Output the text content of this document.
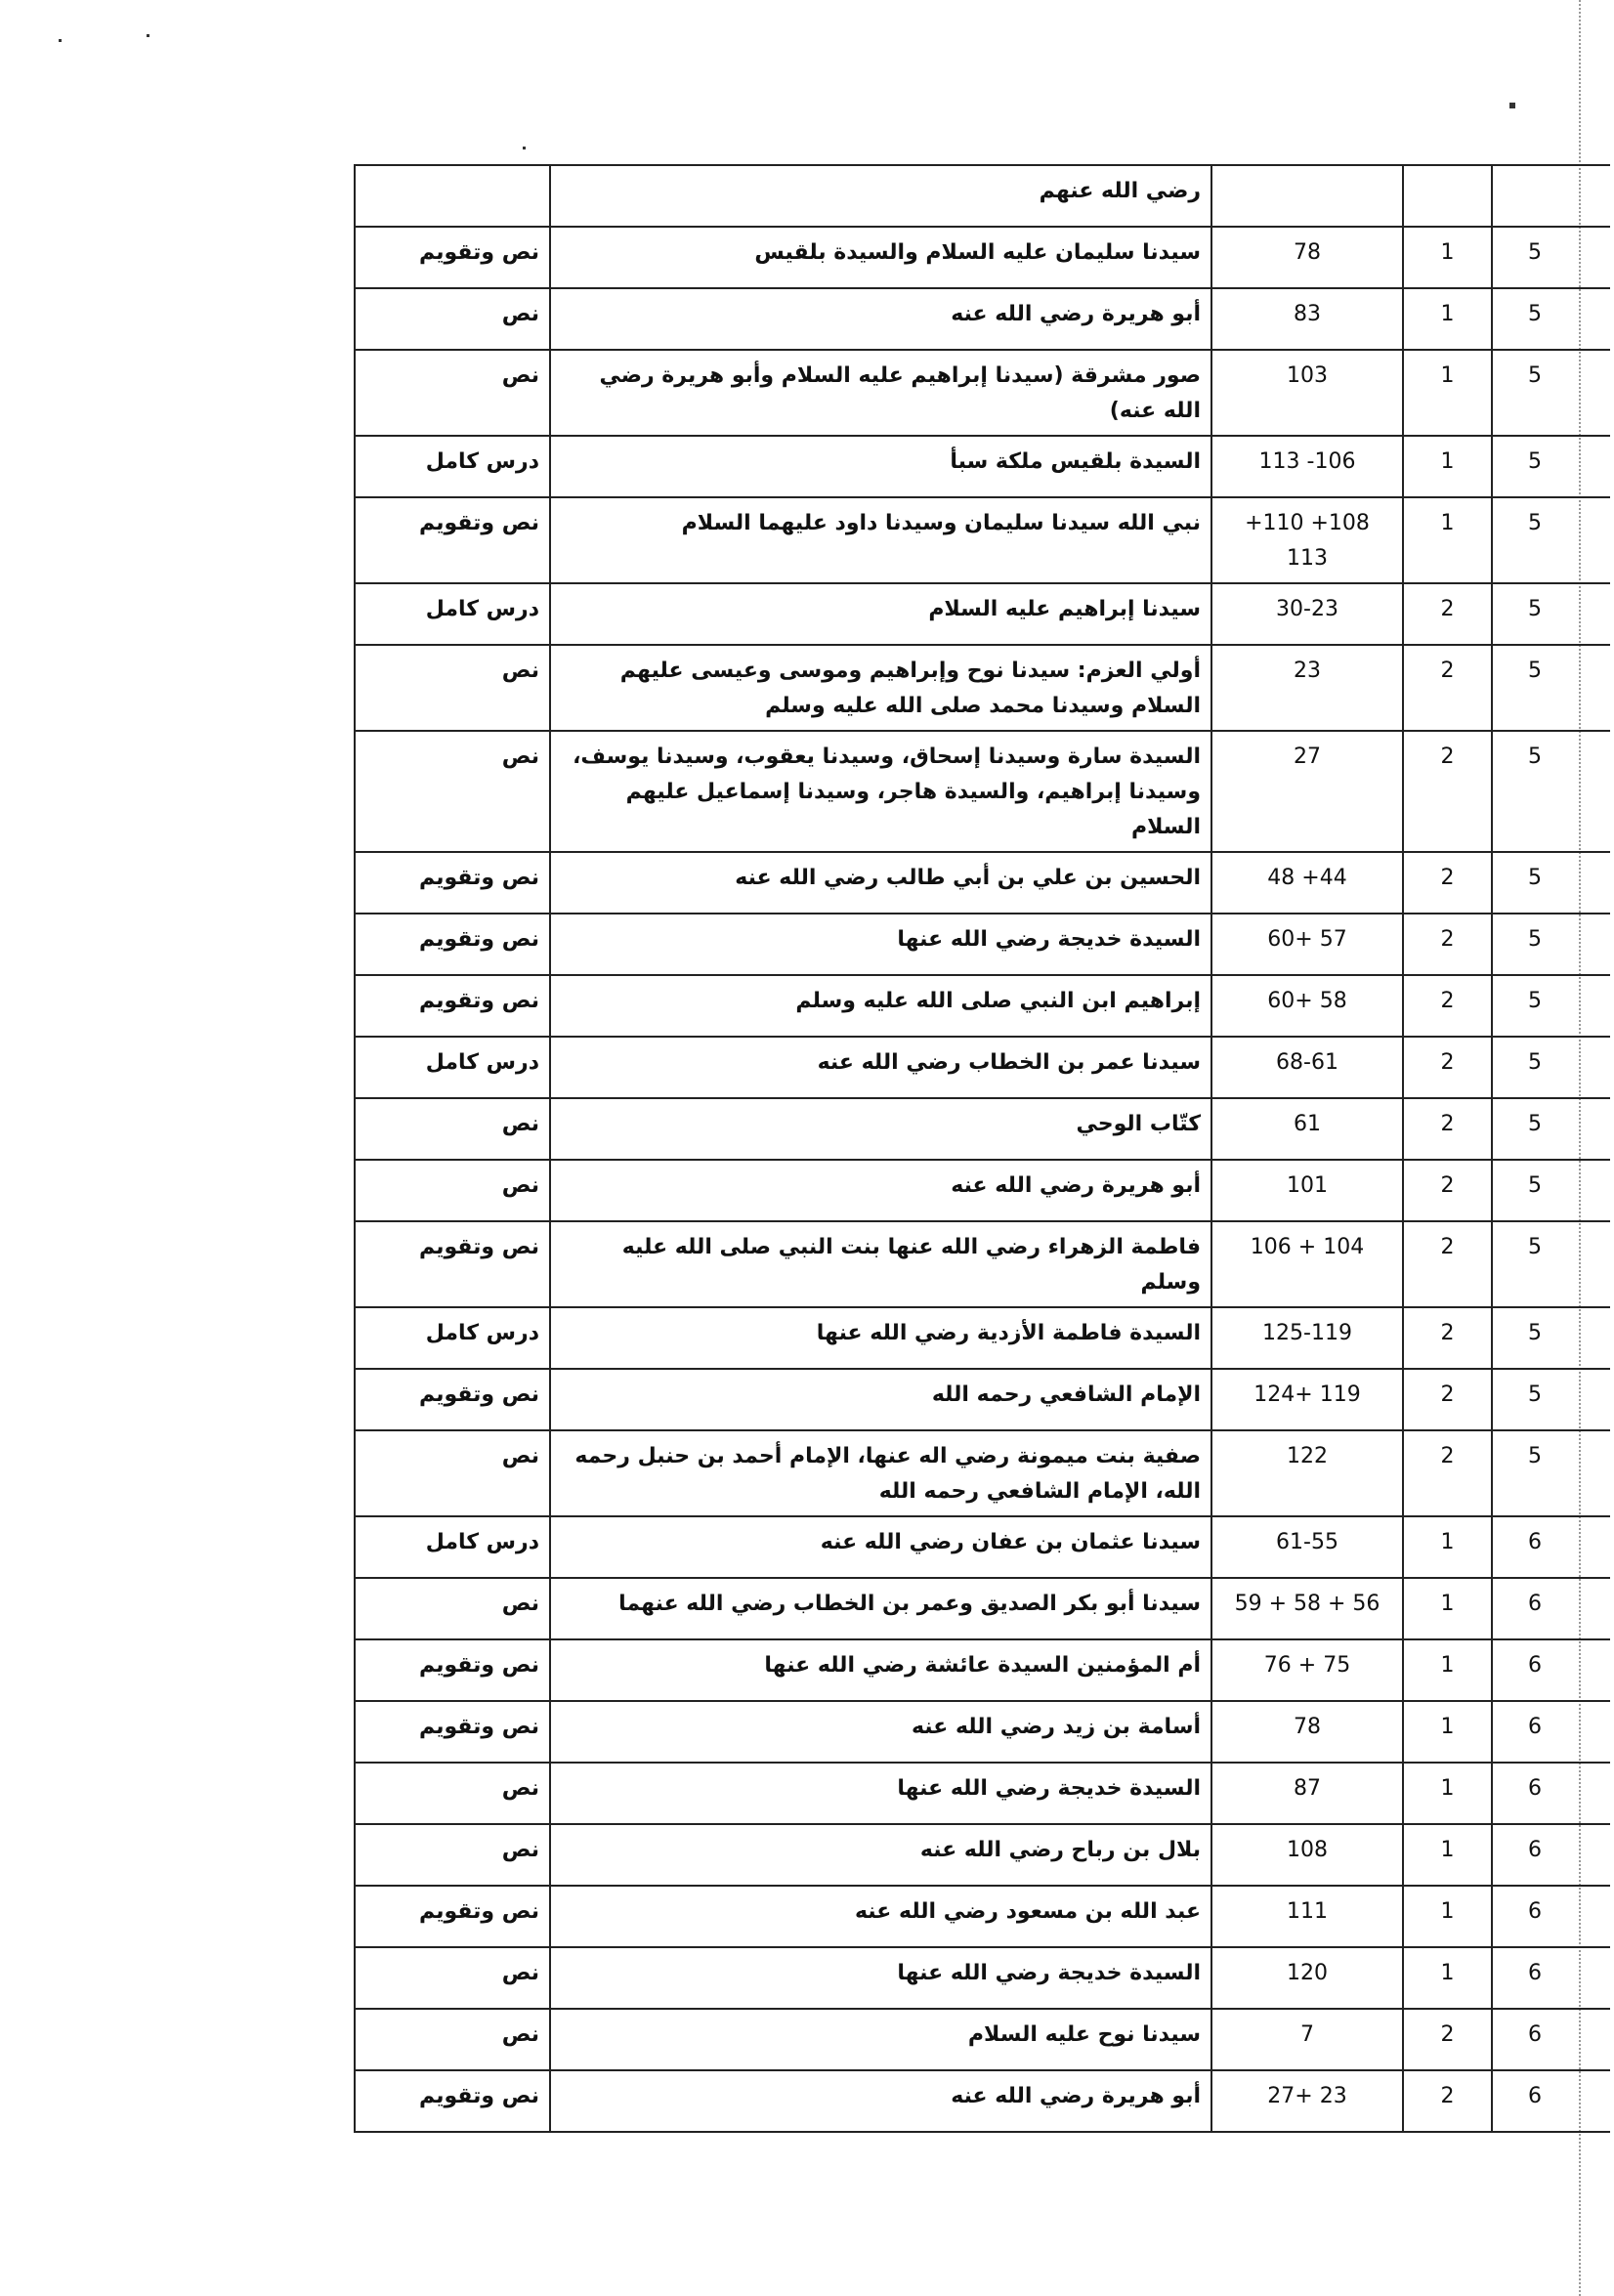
	رضي الله عنهم			
نص وتقويم	سيدنا سليمان عليه السلام والسيدة بلقيس	78	1	5
نص	أبو هريرة رضي الله عنه	83	1	5
نص	صور مشرقة (سيدنا إبراهيم عليه السلام وأبو هريرة رضي الله عنه)	103	1	5
درس كامل	السيدة بلقيس ملكة سبأ	113 -106	1	5
نص وتقويم	نبي الله سيدنا سليمان وسيدنا داود عليهما السلام	+110 +108 113	1	5
درس كامل	سيدنا إبراهيم عليه السلام	30-23	2	5
نص	أولي العزم: سيدنا نوح وإبراهيم وموسى وعيسى عليهم السلام وسيدنا محمد صلى الله عليه وسلم	23	2	5
نص	السيدة سارة وسيدنا إسحاق، وسيدنا يعقوب، وسيدنا يوسف، وسيدنا إبراهيم، والسيدة هاجر، وسيدنا إسماعيل عليهم السلام	27	2	5
نص وتقويم	الحسين بن علي بن أبي طالب رضي الله عنه	48 +44	2	5
نص وتقويم	السيدة خديجة رضي الله عنها	60+ 57	2	5
نص وتقويم	إبراهيم ابن النبي صلى الله عليه وسلم	60+ 58	2	5
درس كامل	سيدنا عمر بن الخطاب رضي الله عنه	68-61	2	5
نص	كتّاب الوحي	61	2	5
نص	أبو هريرة رضي الله عنه	101	2	5
نص وتقويم	فاطمة الزهراء رضي الله عنها بنت النبي صلى الله عليه وسلم	106 + 104	2	5
درس كامل	السيدة فاطمة الأزدية رضي الله عنها	125-119	2	5
نص وتقويم	الإمام الشافعي رحمه الله	124+ 119	2	5
نص	صفية بنت ميمونة رضي اله عنها، الإمام أحمد بن حنبل رحمه الله، الإمام الشافعي رحمه الله	122	2	5
درس كامل	سيدنا عثمان بن عفان رضي الله عنه	61-55	1	6
نص	سيدنا أبو بكر الصديق وعمر بن الخطاب رضي الله عنهما	59 + 58 + 56	1	6
نص وتقويم	أم المؤمنين السيدة عائشة رضي الله عنها	76 + 75	1	6
نص وتقويم	أسامة بن زيد رضي الله عنه	78	1	6
نص	السيدة خديجة رضي الله عنها	87	1	6
نص	بلال بن رباح رضي الله عنه	108	1	6
نص وتقويم	عبد الله بن مسعود رضي الله عنه	111	1	6
نص	السيدة خديجة رضي الله عنها	120	1	6
نص	سيدنا نوح عليه السلام	7	2	6
نص وتقويم	أبو هريرة رضي الله عنه	27+ 23	2	6
